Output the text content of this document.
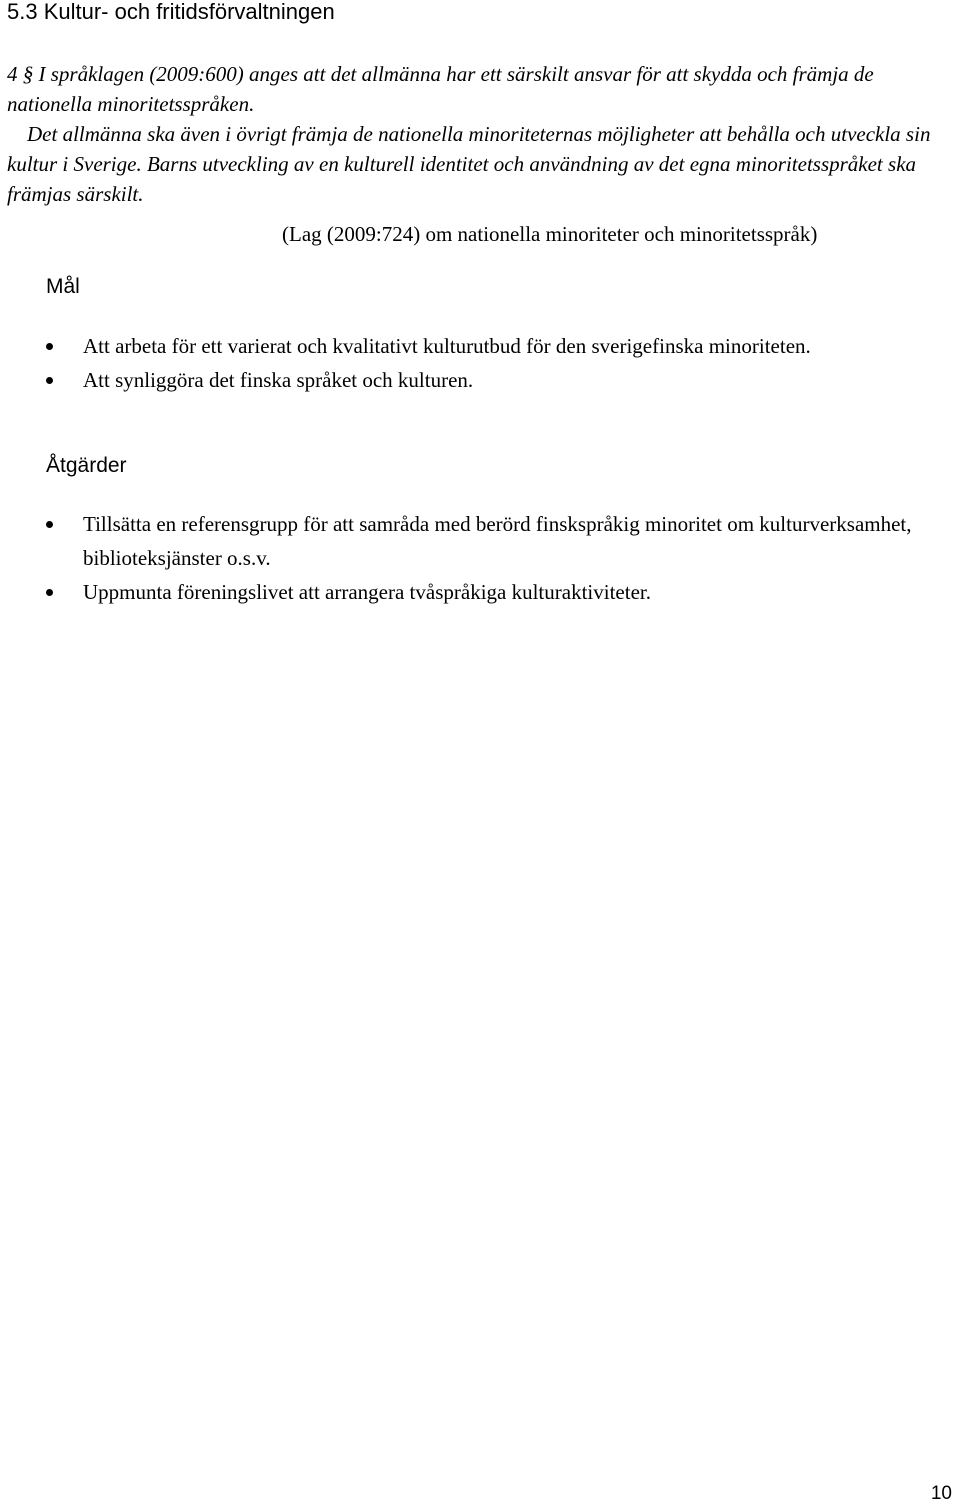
5.3 Kultur- och fritidsförvaltningen

4 § I språklagen (2009:600) anges att det allmänna har ett särskilt ansvar för att skydda och främja de nationella minoritetsspråken.

Det allmänna ska även i övrigt främja de nationella minoriteternas möjligheter att behålla och utveckla sin kultur i Sverige. Barns utveckling av en kulturell identitet och användning av det egna minoritetsspråket ska främjas särskilt.

(Lag (2009:724) om nationella minoriteter och minoritetsspråk)

Mål
Att arbeta för ett varierat och kvalitativt kulturutbud för den sverigefinska minoriteten.
Att synliggöra det finska språket och kulturen.
Åtgärder
Tillsätta en referensgrupp för att samråda med berörd finskspråkig minoritet om kulturverksamhet, biblioteksjänster o.s.v.
Uppmunta föreningslivet att arrangera tvåspråkiga kulturaktiviteter.

10
